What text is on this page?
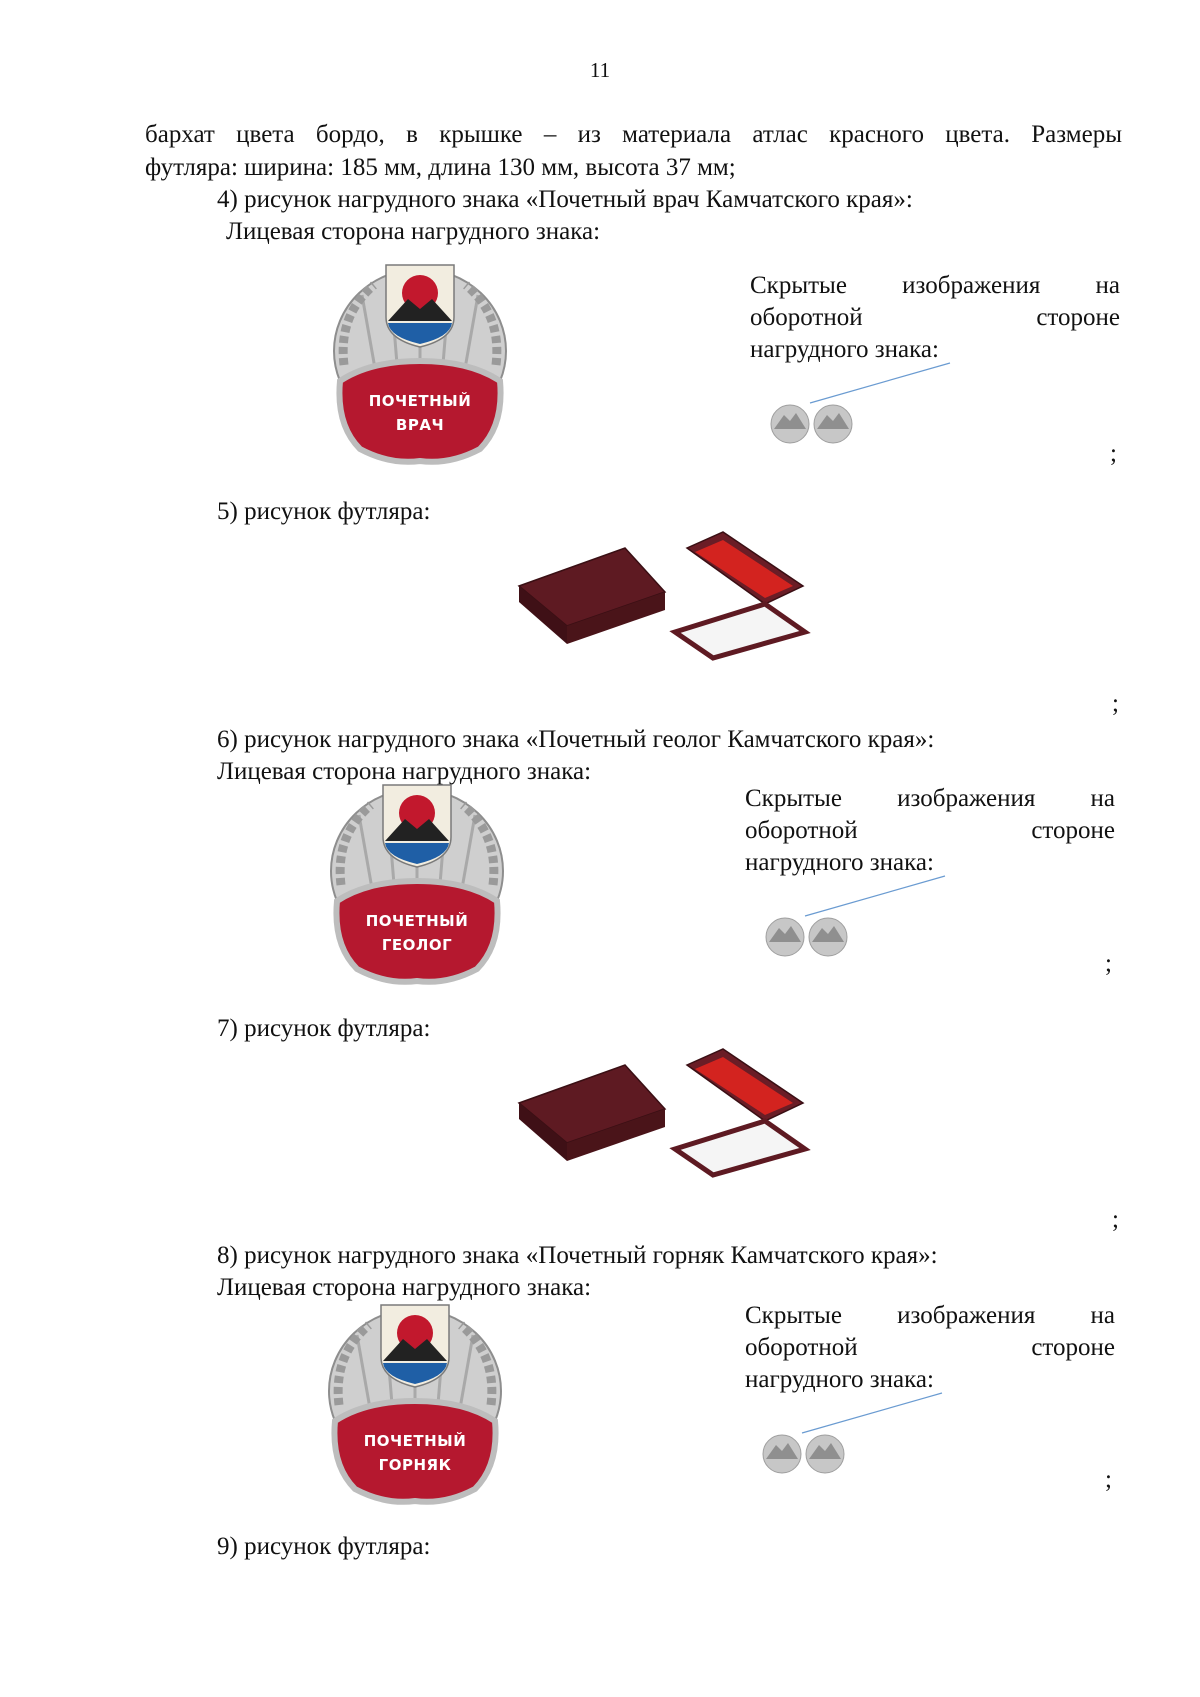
11
бархат цвета бордо, в крышке – из материала атлас красного цвета. Размеры
футляра: ширина: 185 мм, длина 130 мм, высота 37 мм;
4) рисунок нагрудного знака «Почетный врач Камчатского края»:
Лицевая сторона нагрудного знака:
ПОЧЕТНЫЙ
ВРАЧ
Скрытые изображения на
оборотной стороне
нагрудного знака:
;
5) рисунок футляра:
;
6) рисунок нагрудного знака «Почетный геолог Камчатского края»:
Лицевая сторона нагрудного знака:
ПОЧЕТНЫЙ
ГЕОЛОГ
Скрытые изображения на
оборотной стороне
нагрудного знака:
;
7) рисунок футляра:
;
8) рисунок нагрудного знака «Почетный горняк Камчатского края»:
Лицевая сторона нагрудного знака:
ПОЧЕТНЫЙ
ГОРНЯК
Скрытые изображения на
оборотной стороне
нагрудного знака:
;
9) рисунок футляра:
